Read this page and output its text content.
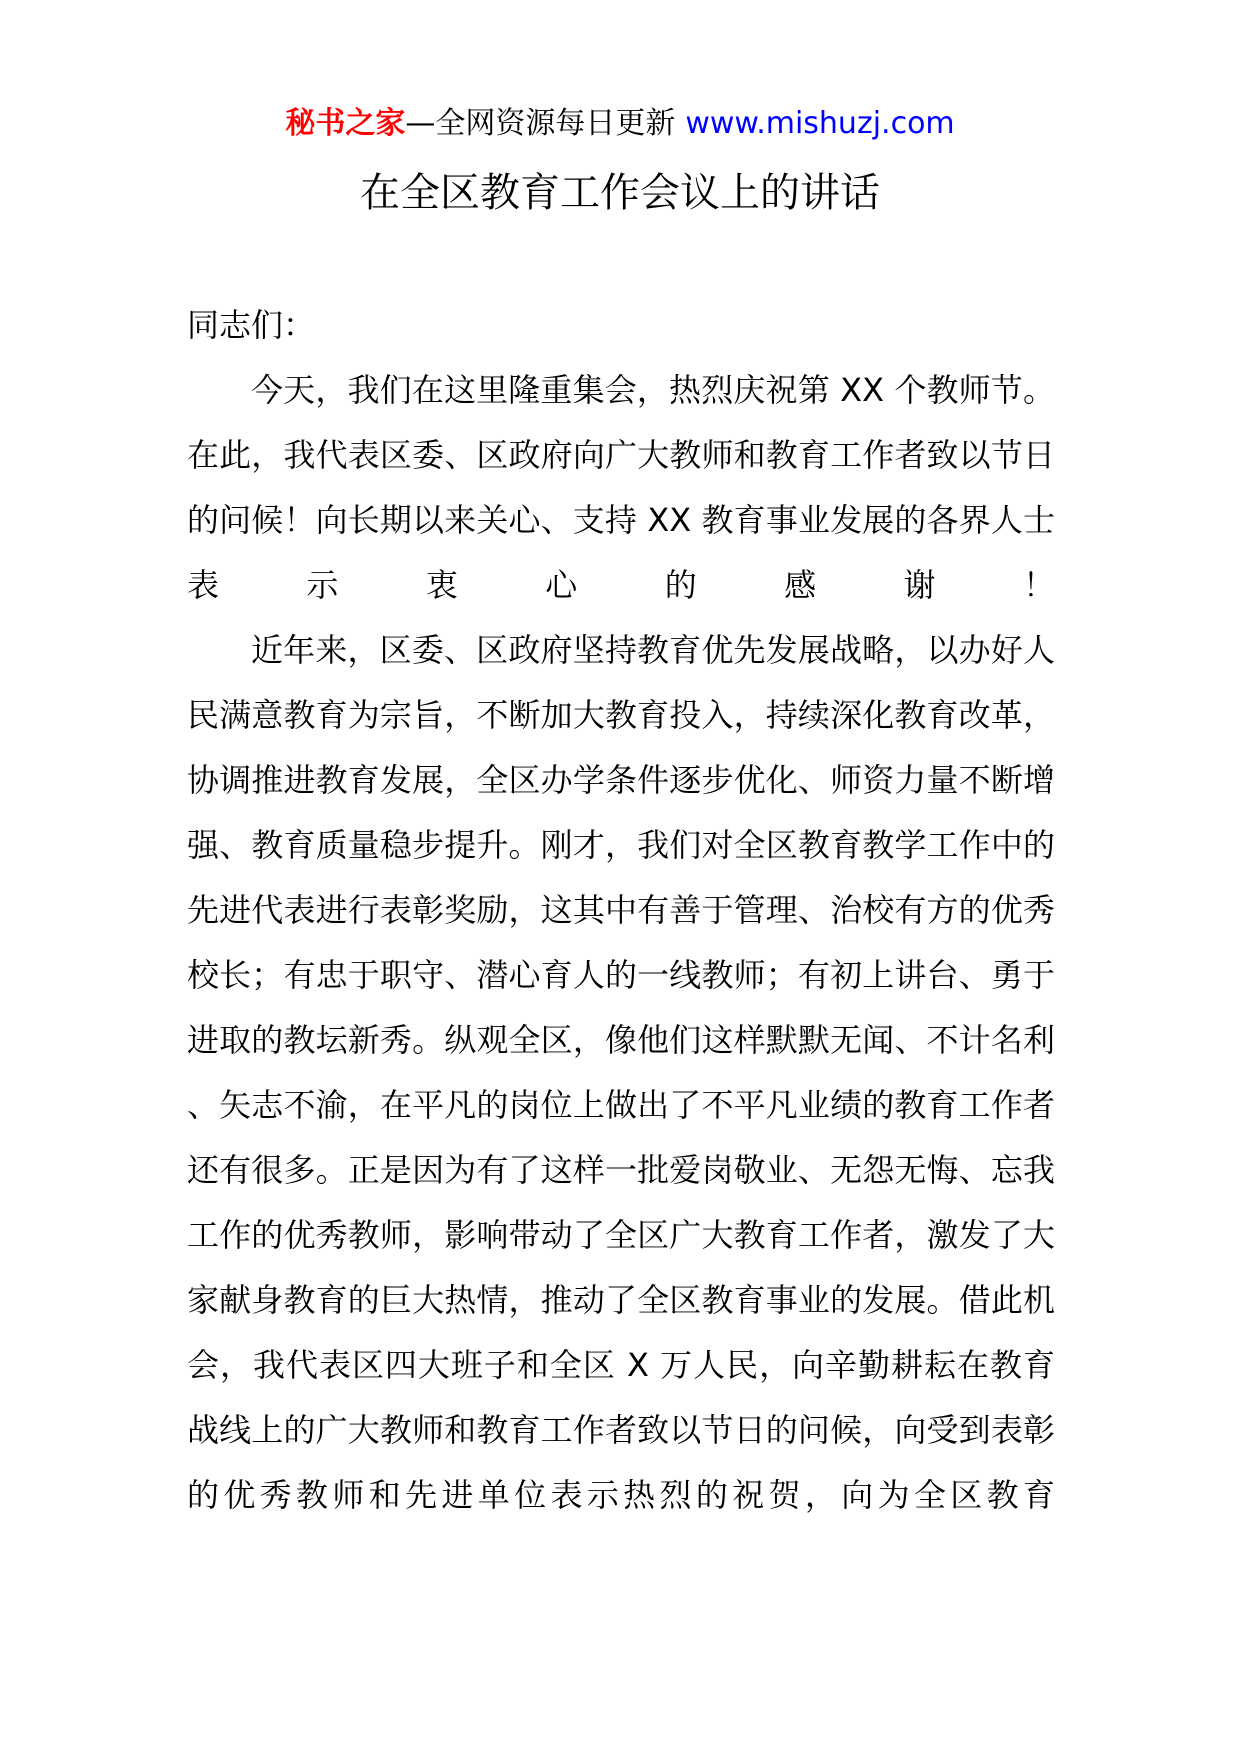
秘书之家—全网资源每日更新 www.mishuzj.com
在全区教育工作会议上的讲话

同志们：

今天，我们在这里隆重集会，热烈庆祝第 XX 个教师节。在此，我代表区委、区政府向广大教师和教育工作者致以节日的问候！向长期以来关心、支持 XX 教育事业发展的各界人士表示衷心的感谢！

近年来，区委、区政府坚持教育优先发展战略，以办好人民满意教育为宗旨，不断加大教育投入，持续深化教育改革，协调推进教育发展，全区办学条件逐步优化、师资力量不断增强、教育质量稳步提升。刚才，我们对全区教育教学工作中的先进代表进行表彰奖励，这其中有善于管理、治校有方的优秀校长；有忠于职守、潜心育人的一线教师；有初上讲台、勇于进取的教坛新秀。纵观全区，像他们这样默默无闻、不计名利、矢志不渝，在平凡的岗位上做出了不平凡业绩的教育工作者还有很多。正是因为有了这样一批爱岗敬业、无怨无悔、忘我工作的优秀教师，影响带动了全区广大教育工作者，激发了大家献身教育的巨大热情，推动了全区教育事业的发展。借此机会，我代表区四大班子和全区 X 万人民，向辛勤耕耘在教育战线上的广大教师和教育工作者致以节日的问候，向受到表彰的优秀教师和先进单位表示热烈的祝贺，向为全区教育
